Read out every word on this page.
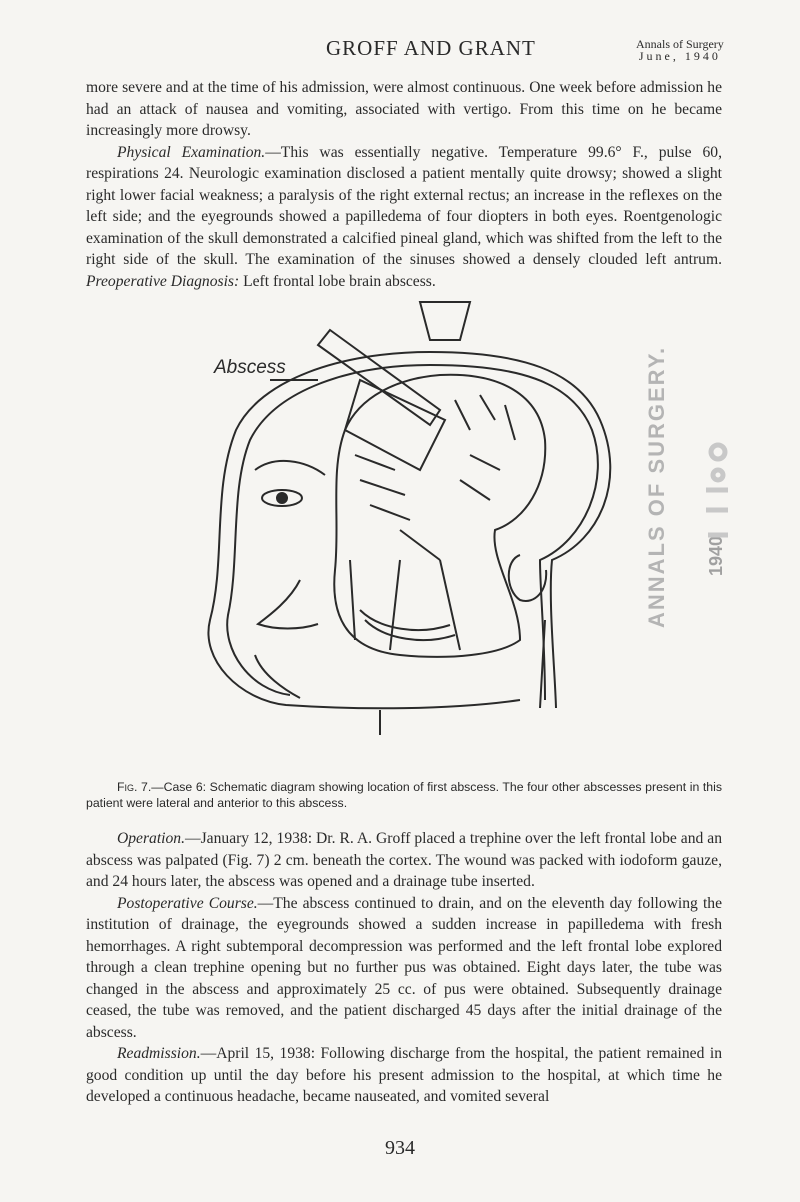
GROFF AND GRANT	Annals of Surgery
June, 1940

more severe and at the time of his admission, were almost continuous. One week before admission he had an attack of nausea and vomiting, associated with vertigo. From this time on he became increasingly more drowsy.

Physical Examination.—This was essentially negative. Temperature 99.6° F., pulse 60, respirations 24. Neurologic examination disclosed a patient mentally quite drowsy; showed a slight right lower facial weakness; a paralysis of the right external rectus; an increase in the reflexes on the left side; and the eyegrounds showed a papilledema of four diopters in both eyes. Roentgenologic examination of the skull demonstrated a calcified pineal gland, which was shifted from the left to the right side of the skull. The examination of the sinuses showed a densely clouded left antrum. Preoperative Diagnosis: Left frontal lobe brain abscess.

Abscess	ANNALS OF SURGERY. 1940
Fig. 7.—Case 6: Schematic diagram showing location of first abscess. The four other abscesses present in this patient were lateral and anterior to this abscess.

Operation.—January 12, 1938: Dr. R. A. Groff placed a trephine over the left frontal lobe and an abscess was palpated (Fig. 7) 2 cm. beneath the cortex. The wound was packed with iodoform gauze, and 24 hours later, the abscess was opened and a drainage tube inserted.

Postoperative Course.—The abscess continued to drain, and on the eleventh day following the institution of drainage, the eyegrounds showed a sudden increase in papilledema with fresh hemorrhages. A right subtemporal decompression was performed and the left frontal lobe explored through a clean trephine opening but no further pus was obtained. Eight days later, the tube was changed in the abscess and approximately 25 cc. of pus were obtained. Subsequently drainage ceased, the tube was removed, and the patient discharged 45 days after the initial drainage of the abscess.

Readmission.—April 15, 1938: Following discharge from the hospital, the patient remained in good condition up until the day before his present admission to the hospital, at which time he developed a continuous headache, became nauseated, and vomited several

934
